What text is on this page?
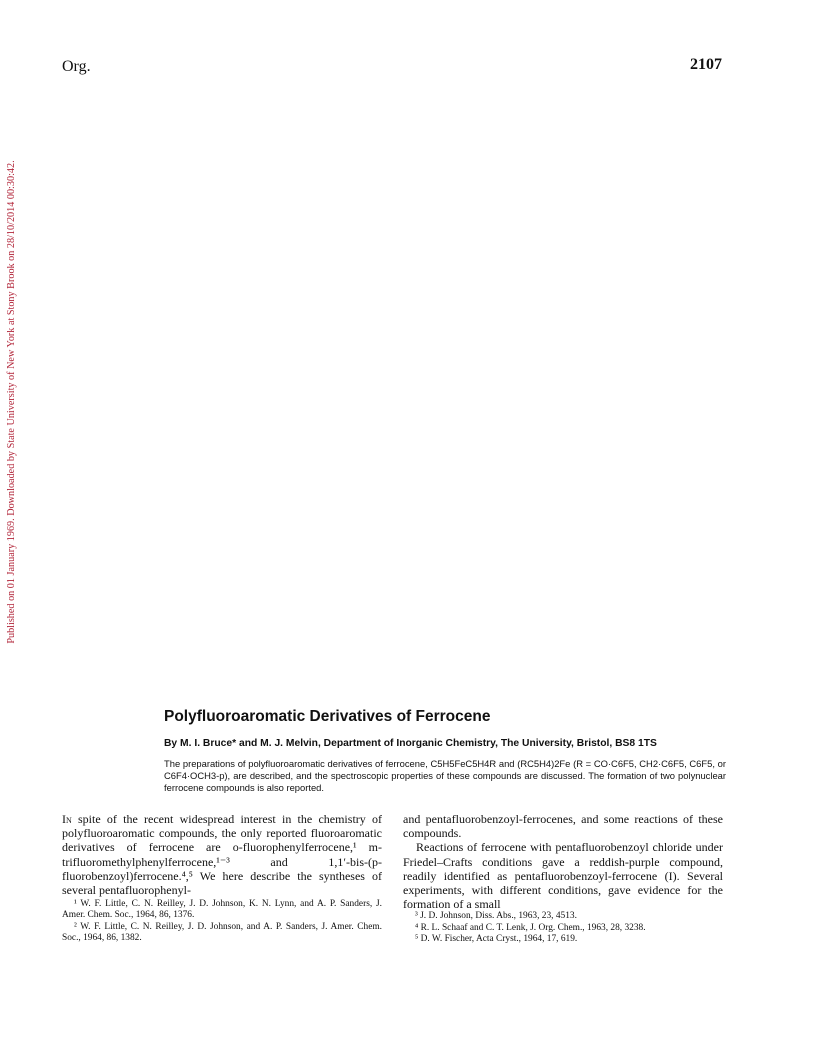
Org.	2107
Published on 01 January 1969. Downloaded by State University of New York at Stony Brook on 28/10/2014 00:30:42.
Polyfluoroaromatic Derivatives of Ferrocene
By M. I. Bruce* and M. J. Melvin, Department of Inorganic Chemistry, The University, Bristol, BS8 1TS
The preparations of polyfluoroaromatic derivatives of ferrocene, C5H5FeC5H4R and (RC5H4)2Fe (R = CO·C6F5, CH2·C6F5, C6F5, or C6F4·OCH3-p), are described, and the spectroscopic properties of these compounds are discussed. The formation of two polynuclear ferrocene compounds is also reported.

In spite of the recent widespread interest in the chemistry of polyfluoroaromatic compounds, the only reported fluoroaromatic derivatives of ferrocene are o-fluorophenylferrocene,¹ m-trifluoromethylphenylferrocene,¹⁻³ and 1,1′-bis-(p-fluorobenzoyl)ferrocene.⁴,⁵ We here describe the syntheses of several pentafluorophenyl-

¹ W. F. Little, C. N. Reilley, J. D. Johnson, K. N. Lynn, and A. P. Sanders, J. Amer. Chem. Soc., 1964, 86, 1376.

² W. F. Little, C. N. Reilley, J. D. Johnson, and A. P. Sanders, J. Amer. Chem. Soc., 1964, 86, 1382.

and pentafluorobenzoyl-ferrocenes, and some reactions of these compounds.

Reactions of ferrocene with pentafluorobenzoyl chloride under Friedel–Crafts conditions gave a reddish-purple compound, readily identified as pentafluorobenzoyl-ferrocene (I). Several experiments, with different conditions, gave evidence for the formation of a small

³ J. D. Johnson, Diss. Abs., 1963, 23, 4513.

⁴ R. L. Schaaf and C. T. Lenk, J. Org. Chem., 1963, 28, 3238.

⁵ D. W. Fischer, Acta Cryst., 1964, 17, 619.
